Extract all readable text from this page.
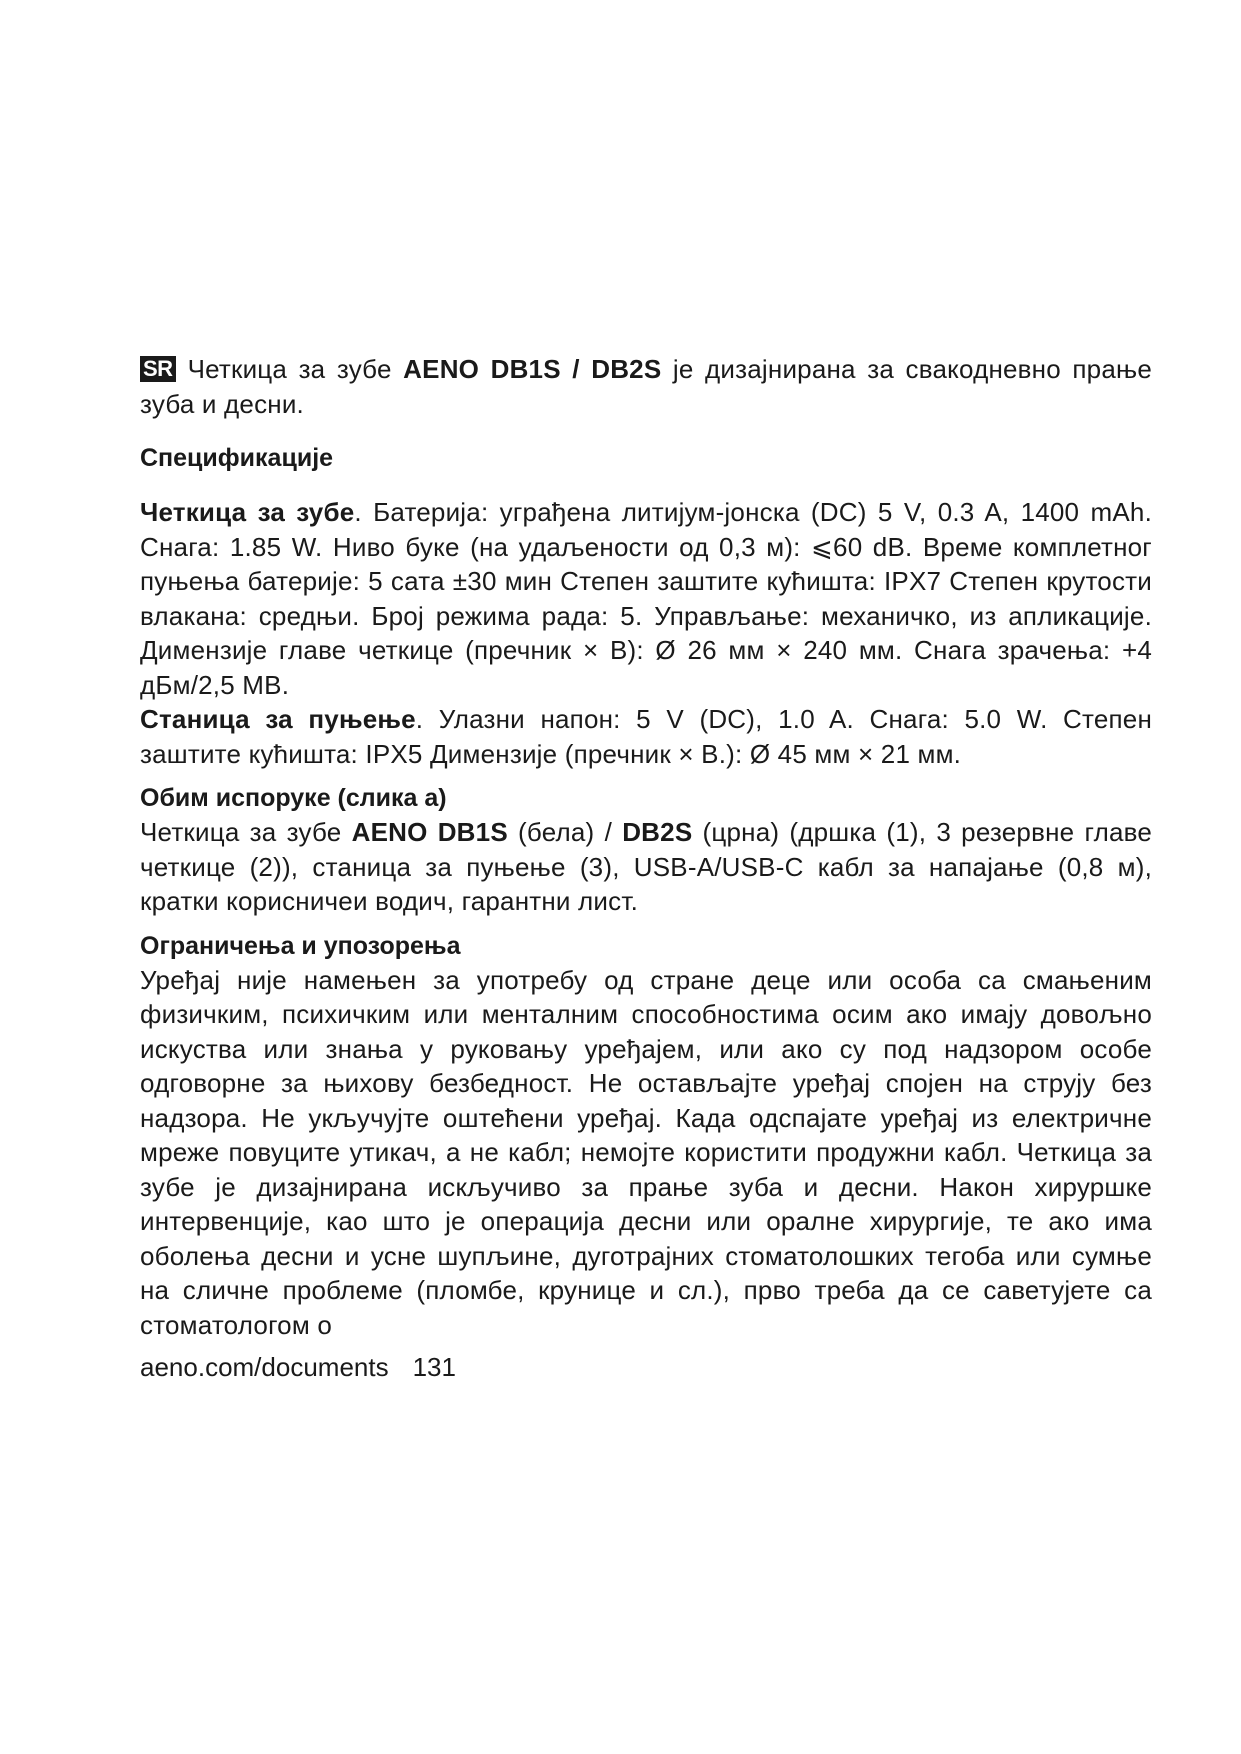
SR Четкица за зубе AENO DB1S / DB2S је дизајнирана за свакодневно прање зуба и десни.

Спецификације

Четкица за зубе. Батерија: уграђена литијум-јонска (DC) 5 V, 0.3 A, 1400 mAh. Снага: 1.85 W. Ниво буке (на удаљености од 0,3 м): ⩽60 dB. Време комплетног пуњења батерије: 5 сата ±30 мин Степен заштите кућишта: IPX7 Степен крутости влакана: средњи. Број режима рада: 5. Управљање: механичко, из апликације. Димензије главе четкице (пречник × В): Ø 26 мм × 240 мм. Снага зрачења: +4 дБм/2,5 МВ.

Станица за пуњење. Улазни напон: 5 V (DC), 1.0 A. Снага: 5.0 W. Степен заштите кућишта: IPX5 Димензије (пречник × В.): Ø 45 мм × 21 мм.

Обим испоруке (слика а)

Четкица за зубе AENO DB1S (бела) / DB2S (црна) (дршка (1), 3 резервне главе четкице (2)), станица за пуњење (3), USB-A/USB-C кабл за напајање (0,8 м), кратки корисничеи водич, гарантни лист.

Ограничења и упозорења

Уређај није намењен за употребу од стране деце или особа са смањеним физичким, психичким или менталним способностима осим ако имају довољно искуства или знања у руковању уређајем, или ако су под надзором особе одговорне за њихову безбедност. Не остављајте уређај спојен на струју без надзора. Не укључујте оштећени уређај. Када одспајате уређај из електричне мреже повуците утикач, а не кабл; немојте користити продужни кабл. Четкица за зубе је дизајнирана искључиво за прање зуба и десни. Након хируршке интервенције, као што је операција десни или оралне хирургије, те ако има оболења десни и усне шупљине, дуготрајних стоматолошких тегоба или сумње на сличне проблеме (пломбе, крунице и сл.), прво треба да се саветујете са стоматологом о

aeno.com/documents 131
